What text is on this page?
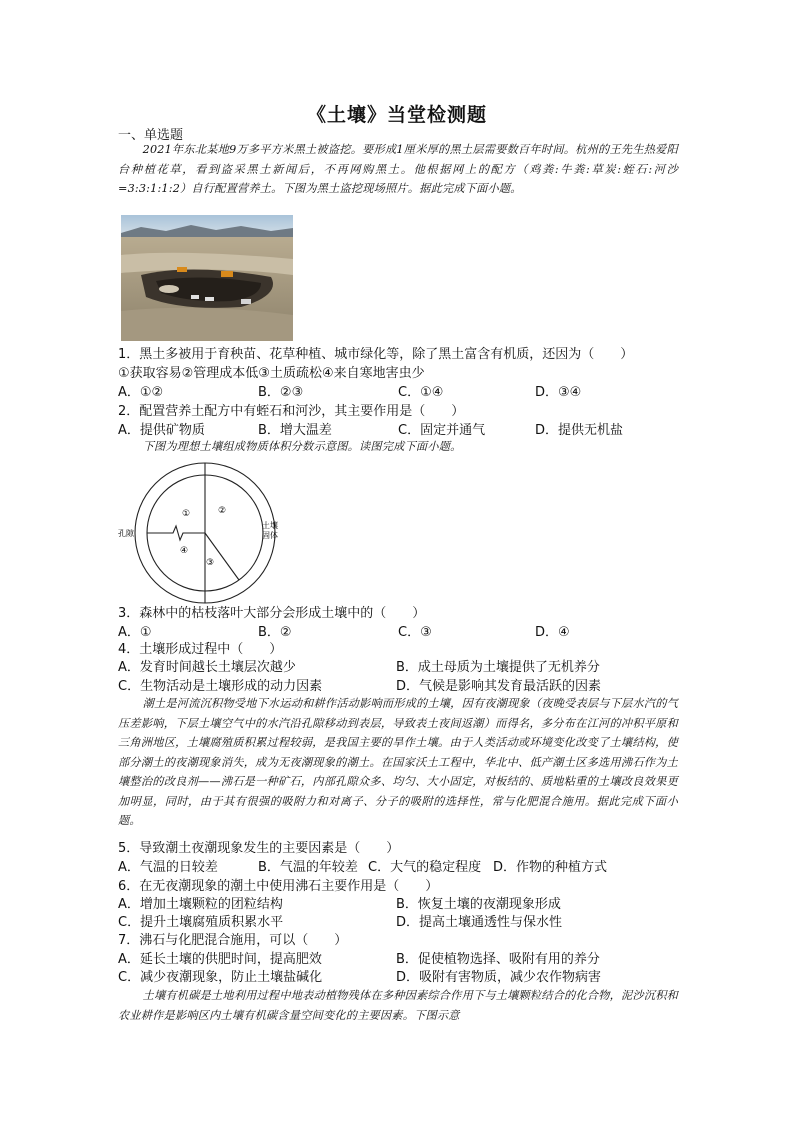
《土壤》当堂检测题
一、单选题
2021年东北某地9万多平方米黑土被盗挖。要形成1厘米厚的黑土层需要数百年时间。杭州的王先生热爱阳台种植花草，看到盗采黑土新闻后，不再网购黑土。他根据网上的配方（鸡粪:牛粪:草炭:蛭石:河沙=3:3:1:1:2）自行配置营养土。下图为黑土盗挖现场照片。据此完成下面小题。
1．黑土多被用于育秧苗、花草种植、城市绿化等，除了黑土富含有机质，还因为（　　）
①获取容易②管理成本低③土质疏松④来自寒地害虫少
A．①②	B．②③	C．①④	D．③④
2．配置营养土配方中有蛭石和河沙，其主要作用是（　　）
A．提供矿物质	B．增大温差	C．固定并通气	D．提供无机盐
下图为理想土壤组成物质体积分数示意图。读图完成下面小题。
孔隙
土壤
固体
①	②
③
④
3．森林中的枯枝落叶大部分会形成土壤中的（　　）
A．①	B．②	C．③	D．④
4．土壤形成过程中（　　）
A．发育时间越长土壤层次越少	B．成土母质为土壤提供了无机养分
C．生物活动是土壤形成的动力因素	D．气候是影响其发育最活跃的因素
潮土是河流沉积物受地下水运动和耕作活动影响而形成的土壤，因有夜潮现象（夜晚受表层与下层水汽的气压差影响，下层土壤空气中的水汽沿孔隙移动到表层，导致表土夜间返潮）而得名，多分布在江河的冲积平原和三角洲地区，土壤腐殖质积累过程较弱，是我国主要的旱作土壤。由于人类活动或环境变化改变了土壤结构，使部分潮土的夜潮现象消失，成为无夜潮现象的潮土。在国家沃土工程中，华北中、低产潮土区多选用沸石作为土壤整治的改良剂——沸石是一种矿石，内部孔隙众多、均匀、大小固定，对板结的、质地粘重的土壤改良效果更加明显，同时，由于其有很强的吸附力和对离子、分子的吸附的选择性，常与化肥混合施用。据此完成下面小题。
5．导致潮土夜潮现象发生的主要因素是（　　）
A．气温的日较差	B．气温的年较差 C．大气的稳定程度 D．作物的种植方式
6．在无夜潮现象的潮土中使用沸石主要作用是（　　）
A．增加土壤颗粒的团粒结构	B．恢复土壤的夜潮现象形成
C．提升土壤腐殖质积累水平	D．提高土壤通透性与保水性
7．沸石与化肥混合施用，可以（　　）
A．延长土壤的供肥时间，提高肥效	B．促使植物选择、吸附有用的养分
C．减少夜潮现象，防止土壤盐碱化	D．吸附有害物质，减少农作物病害
土壤有机碳是土地利用过程中地表动植物残体在多种因素综合作用下与土壤颗粒结合的化合物，泥沙沉积和农业耕作是影响区内土壤有机碳含量空间变化的主要因素。下图示意
